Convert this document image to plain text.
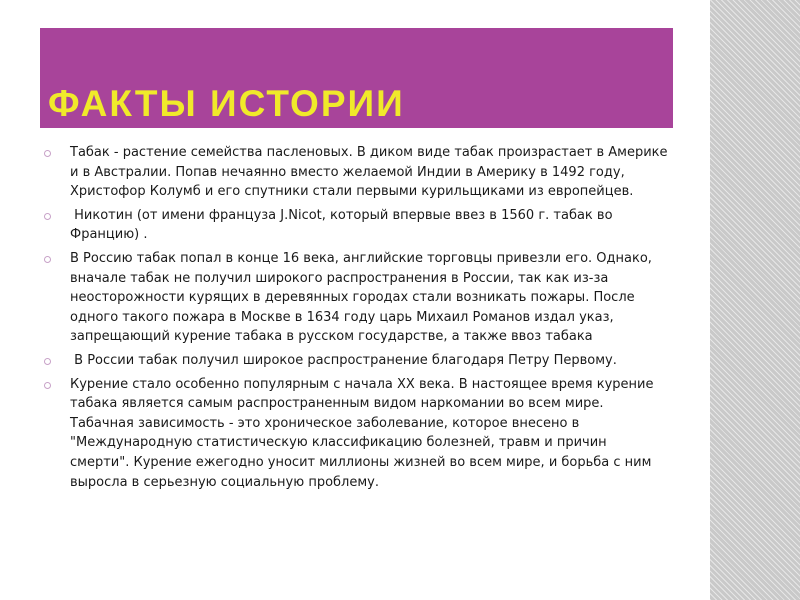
ФАКТЫ ИСТОРИИ
Табак - растение семейства пасленовых. В диком виде табак произрастает в Америке и в Австралии. Попав нечаянно вместо желаемой Индии в Америку в 1492 году, Христофор Колумб и его спутники стали первыми курильщиками из европейцев.
Никотин (от имени француза J.Nicot, который впервые ввез в 1560 г. табак во Францию) .
В Россию табак попал в конце 16 века, английские торговцы привезли его. Однако, вначале табак не получил широкого распространения в России, так как из-за неосторожности курящих в деревянных городах стали возникать пожары. После одного такого пожара в Москве в 1634 году царь Михаил Романов издал указ, запрещающий курение табака в русском государстве, а также ввоз табака
В России табак получил широкое распространение благодаря Петру Первому.
Курение стало особенно популярным с начала XX века. В настоящее время курение табака является самым распространенным видом наркомании во всем мире. Табачная зависимость - это хроническое заболевание, которое внесено в "Международную статистическую классификацию болезней, травм и причин смерти". Курение ежегодно уносит миллионы жизней во всем мире, и борьба с ним выросла в серьезную социальную проблему.
